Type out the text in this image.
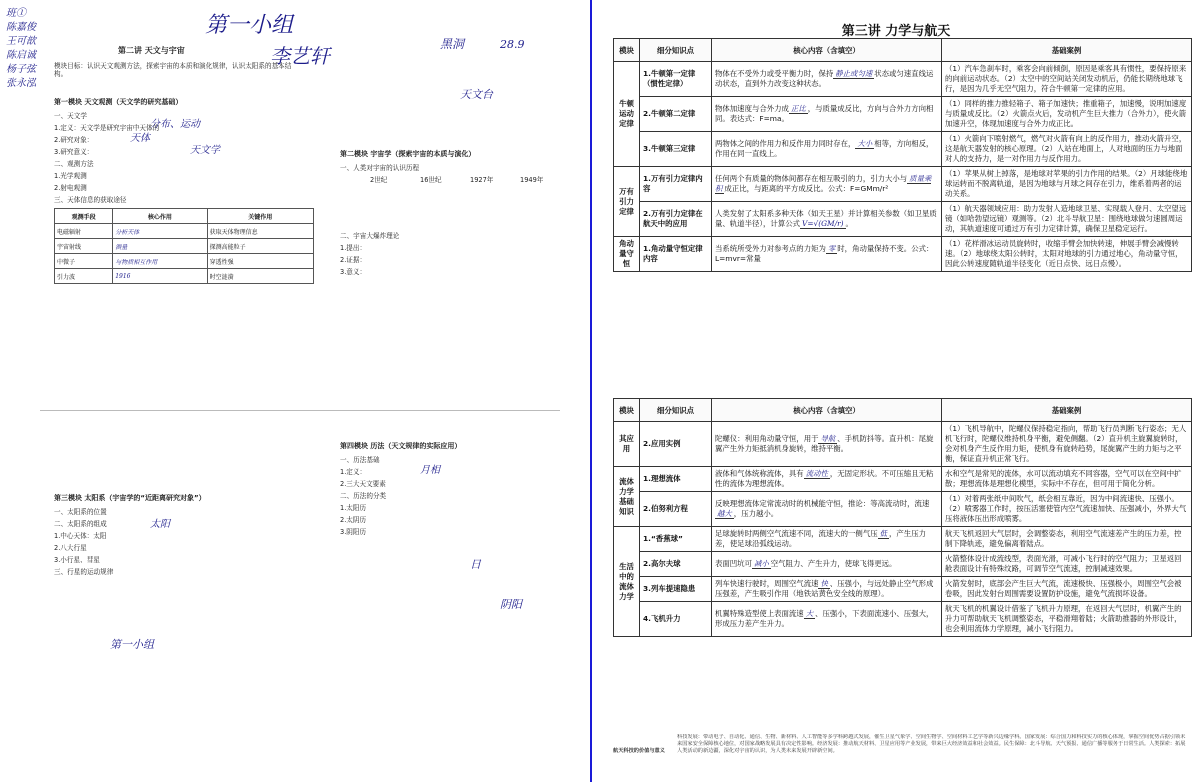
班①
陈嘉俊
王可歆
陈启诚
杨子弦
张永泓
第一小组
李艺轩
第二讲 天文与宇宙
模块目标：认识天文观测方法，探索宇宙的本质和演化规律，认识太阳系的基本结构。
第一模块 天文观测（天文学的研究基础）
一、天文学
1.定义：天文学是研究宇宙中天体的
分布、运动
2.研究对象：	天体
3.研究意义：	天文学
二、观测方法
1.光学观测
2.射电观测
三、天体信息的获取途径
观测手段	核心作用	关键作用
电磁辐射	分析天体	获取天体物理信息
宇宙射线	测量	探测高能粒子
中微子	与物质相互作用	穿透性强
引力波	1916	时空涟漪
第二模块 宇宙学（探索宇宙的本质与演化）
一、人类对宇宙的认识历程
2世纪	16世纪	1927年	1949年
二、宇宙大爆炸理论
1.提出：
2.证据：
3.意义：
黑洞	28.9
天文台
第三模块 太阳系（宇宙学的“近距离研究对象”）
一、太阳系的位置
二、太阳系的组成
1.中心天体：太阳
2.八大行星
3.小行星、彗星
三、行星的运动规律
太阳
第四模块 历法（天文规律的实际应用）
一、历法基础
1.定义：	月相
2.三大天文要素
二、历法的分类
1.太阳历
2.太阴历
3.阴阳历
日
阴阳
第一小组
第三讲 力学与航天
模块	细分知识点	核心内容（含填空）	基础案例
牛顿运动定律	1.牛顿第一定律（惯性定律）	物体在不受外力或受平衡力时，保持 静止或匀速 状态或匀速直线运动状态，直到外力改变这种状态。	（1）汽车急刹车时，乘客会向前倾倒，原因是乘客具有惯性，要保持原来的向前运动状态。（2）太空中的空间站关闭发动机后，仍能长期绕地球飞行，是因为几乎无空气阻力，符合牛顿第一定律的应用。
	2.牛顿第二定律	物体加速度与合外力成 正比 ，与质量成反比，方向与合外力方向相同。表达式：F=ma。	（1）同样的推力推轻箱子、箱子加速快；推重箱子，加速慢，说明加速度与质量成反比。（2）火箭点火后，发动机产生巨大推力（合外力），使火箭加速升空，体现加速度与合外力成正比。
	3.牛顿第三定律	两物体之间的作用力和反作用力同时存在， 大小 相等，方向相反，作用在同一直线上。	（1）火箭向下喷射燃气，燃气对火箭有向上的反作用力，推动火箭升空，这是航天器发射的核心原理。（2）人站在地面上，人对地面的压力与地面对人的支持力，是一对作用力与反作用力。
万有引力定律	1.万有引力定律内容	任何两个有质量的物体间都存在相互吸引的力，引力大小与 质量乘积 成正比，与距离的平方成反比。公式：F=GMm/r²	（1）苹果从树上掉落，是地球对苹果的引力作用的结果。（2）月球能绕地球运转而不脱离轨道，是因为地球与月球之间存在引力，维系着两者的运动关系。
	2.万有引力定律在航天中的应用	人类发射了太阳系多种天体（如天王星）并计算相关参数（如卫星质量、轨道半径），计算公式 V=√(GM/r) 。	（1）航天器领域应用：助力发射人造地球卫星、实现载人登月、太空望远镜（如哈勃望远镜）观测等。（2）北斗导航卫星：围绕地球做匀速圆周运动，其轨道速度可通过万有引力定律计算，确保卫星稳定运行。
角动量守恒	1.角动量守恒定律内容	当系统所受外力对参考点的力矩为 零 时，角动量保持不变。公式：L=mvr=常量	（1）花样滑冰运动员旋转时，收缩手臂会加快转速，伸展手臂会减慢转速。（2）地球绕太阳公转时，太阳对地球的引力通过地心，角动量守恒，因此公转速度随轨道半径变化（近日点快、远日点慢）。
模块	细分知识点	核心内容（含填空）	基础案例
其应用	2.应用实例	陀螺仪：利用角动量守恒，用于 导航 、手机防抖等。直升机：尾旋翼产生外力矩抵消机身旋转，维持平衡。	（1）飞机导航中，陀螺仪保持稳定指向，帮助飞行员判断飞行姿态；无人机飞行时，陀螺仪维持机身平衡，避免侧翻。（2）直升机主旋翼旋转时，会对机身产生反作用力矩，使机身有旋转趋势，尾旋翼产生的力矩与之平衡，保证直升机正常飞行。
流体力学基础知识	1.理想流体	液体和气体统称流体，具有 流动性 ，无固定形状。不可压缩且无粘性的流体为理想流体。	水和空气是常见的流体，水可以流动填充不同容器，空气可以在空间中扩散；理想流体是理想化模型，实际中不存在，但可用于简化分析。
	2.伯努利方程	反映理想流体定常流动时的机械能守恒，推论：等高流动时，流速越大 ，压力越小。	（1）对着两张纸中间吹气，纸会相互靠近，因为中间流速快、压强小。（2）喷雾器工作时，按压活塞使管内空气流速加快、压强减小，外界大气压将液体压出形成喷雾。
生活中的流体力学	1.“香蕉球”	足球旋转时两侧空气流速不同，流速大的一侧气压 低 ，产生压力差，使足球沿弧线运动。	航天飞机返回大气层时，会调整姿态，利用空气流速差产生的压力差，控制下降轨迹，避免偏离着陆点。
	2.高尔夫球	表面凹坑可 减小 空气阻力、产生升力，使球飞得更远。	火箭整体设计成流线型，表面光滑，可减小飞行时的空气阻力；卫星返回舱表面设计有特殊纹路，可调节空气流速，控制减速效果。
	3.列车提速隐患	列车快速行驶时，周围空气流速 快 、压强小，与远处静止空气形成压强差，产生吸引作用（地铁站黄色安全线的原理）。	火箭发射时，底部会产生巨大气流，流速极快、压强极小，周围空气会被卷吸，因此发射台周围需要设置防护设施，避免气流损坏设备。
	4.飞机升力	机翼特殊造型使上表面流速 大 、压强小，下表面流速小、压强大，形成压力差产生升力。	航天飞机的机翼设计借鉴了飞机升力原理，在返回大气层时，机翼产生的升力可帮助航天飞机调整姿态，平稳滑翔着陆；火箭助推器的外形设计，也会利用流体力学原理，减小飞行阻力。
航天科技的价值与意义
科技发展：带动电子、自动化、通信、生物、新材料、人工智能等多学科跨越式发展，催生卫星气象学、空间生物学、空间材料工艺学等新兴边缘学科。国家发展：综合国力和科技实力的核心体现，掌握空间优势占据引领未来国家安全保障核心地位，对国家战略发展具有决定性影响。经济发展：推动航天材料、卫星应用等产业发展，带来巨大经济效益和社会效益。民生保障：北斗导航、天气预报、通信广播等服务于日常生活。人类探索：拓展人类活动的新边疆，深化对宇宙的认识，为人类未来发展开辟新空间。
